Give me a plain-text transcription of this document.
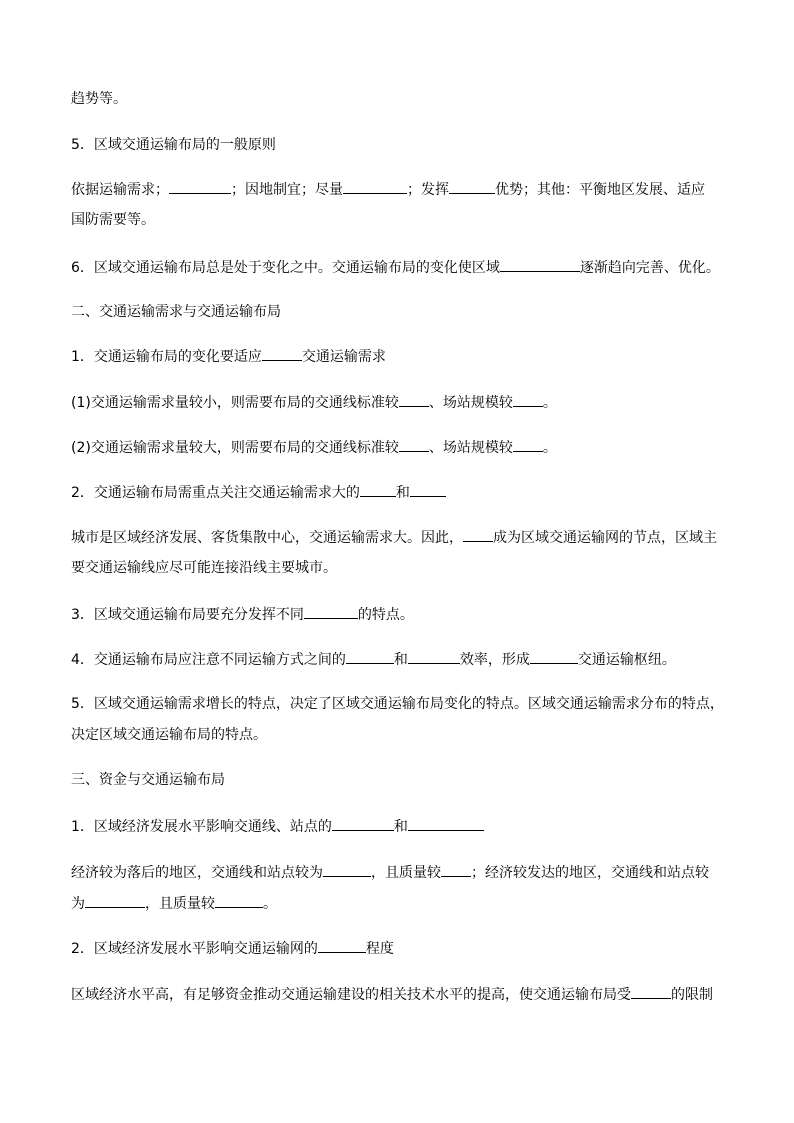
趋势等。
5．区域交通运输布局的一般原则
依据运输需求；	；因地制宜；尽量	；发挥	优势；其他：平衡地区发展、适应
国防需要等。
6．区域交通运输布局总是处于变化之中。交通运输布局的变化使区域	逐渐趋向完善、优化。
二、交通运输需求与交通运输布局
1．交通运输布局的变化要适应	交通运输需求
(1)交通运输需求量较小，则需要布局的交通线标准较 、场站规模较 。
(2)交通运输需求量较大，则需要布局的交通线标准较 、场站规模较 。
2．交通运输布局需重点关注交通运输需求大的	和
城市是区域经济发展、客货集散中心，交通运输需求大。因此， 成为区域交通运输网的节点，区域主
要交通运输线应尽可能连接沿线主要城市。
3．区域交通运输布局要充分发挥不同	的特点。
4．交通运输布局应注意不同运输方式之间的	和	效率，形成	交通运输枢纽。
5．区域交通运输需求增长的特点，决定了区域交通运输布局变化的特点。区域交通运输需求分布的特点，
决定区域交通运输布局的特点。
三、资金与交通运输布局
1．区域经济发展水平影响交通线、站点的	和
经济较为落后的地区，交通线和站点较为	，且质量较 ；经济较发达的地区，交通线和站点较
为	，且质量较	。
2．区域经济发展水平影响交通运输网的	程度
区域经济水平高，有足够资金推动交通运输建设的相关技术水平的提高，使交通运输布局受	的限制
